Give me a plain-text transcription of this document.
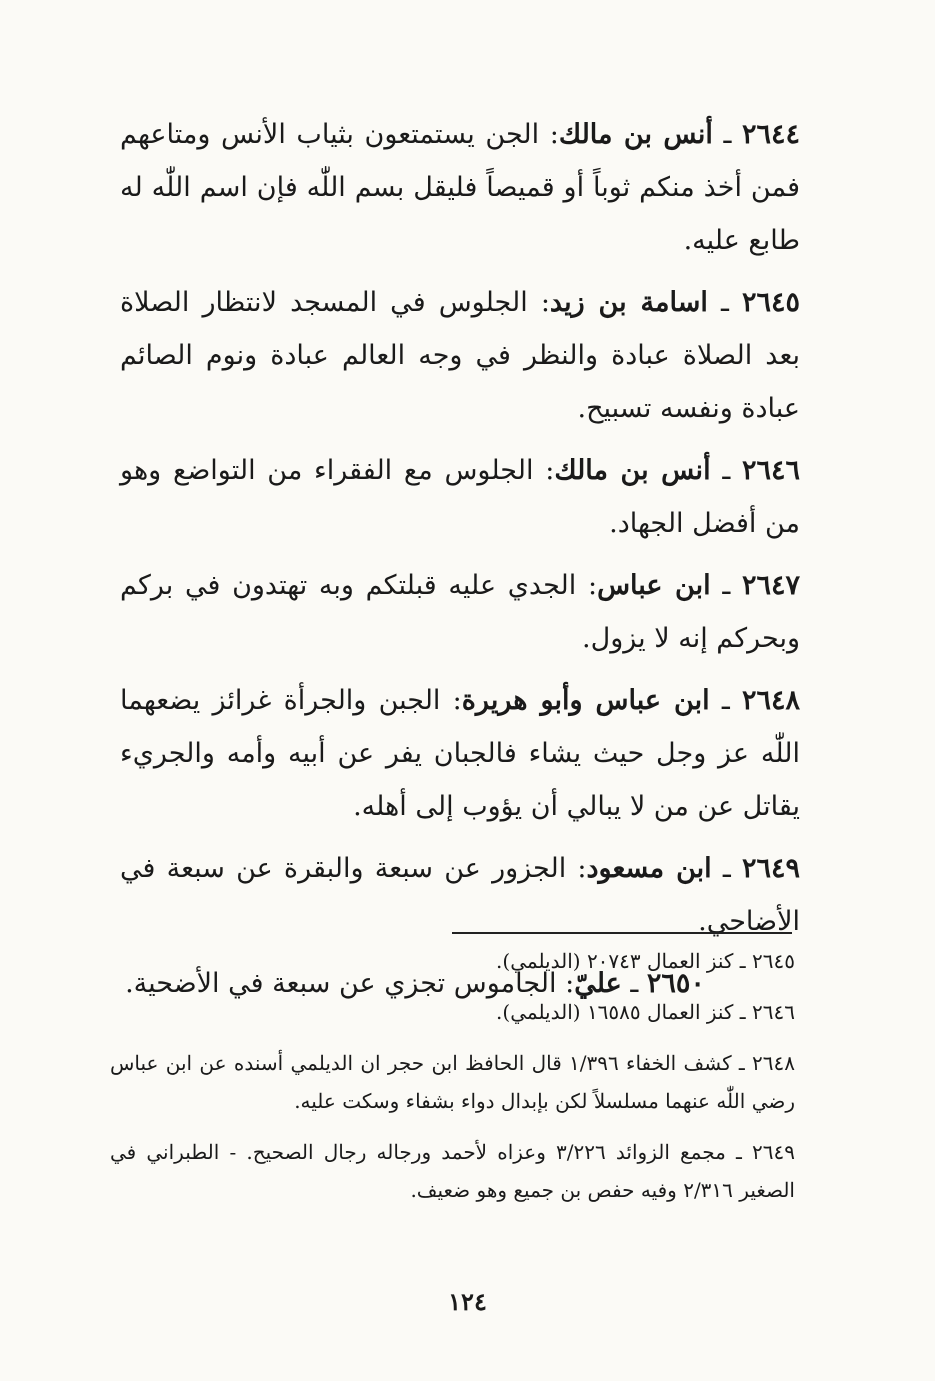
٢٦٤٤ ـ أنس بن مالك: الجن يستمتعون بثياب الأنس ومتاعهم فمن أخذ منكم ثوباً أو قميصاً فليقل بسم اللّٰه فإن اسم اللّٰه له طابع عليه.

٢٦٤٥ ـ اسامة بن زيد: الجلوس في المسجد لانتظار الصلاة بعد الصلاة عبادة والنظر في وجه العالم عبادة ونوم الصائم عبادة ونفسه تسبيح.

٢٦٤٦ ـ أنس بن مالك: الجلوس مع الفقراء من التواضع وهو من أفضل الجهاد.

٢٦٤٧ ـ ابن عباس: الجدي عليه قبلتكم وبه تهتدون في بركم وبحركم إنه لا يزول.

٢٦٤٨ ـ ابن عباس وأبو هريرة: الجبن والجرأة غرائز يضعهما اللّٰه عز وجل حيث يشاء فالجبان يفر عن أبيه وأمه والجريء يقاتل عن من لا يبالي أن يؤوب إلى أهله.

٢٦٤٩ ـ ابن مسعود: الجزور عن سبعة والبقرة عن سبعة في الأضاحي.

٢٦٥٠ ـ عليّ: الجاموس تجزي عن سبعة في الأضحية.

٢٦٤٥ ـ كنز العمال ٢٠٧٤٣ (الديلمي).

٢٦٤٦ ـ كنز العمال ١٦٥٨٥ (الديلمي).

٢٦٤٨ ـ كشف الخفاء ١/٣٩٦ قال الحافظ ابن حجر ان الديلمي أسنده عن ابن عباس رضي اللّٰه عنهما مسلسلاً لكن بإبدال دواء بشفاء وسكت عليه.

٢٦٤٩ ـ مجمع الزوائد ٣/٢٢٦ وعزاه لأحمد ورجاله رجال الصحيح. - الطبراني في الصغير ٢/٣١٦ وفيه حفص بن جميع وهو ضعيف.

١٢٤
